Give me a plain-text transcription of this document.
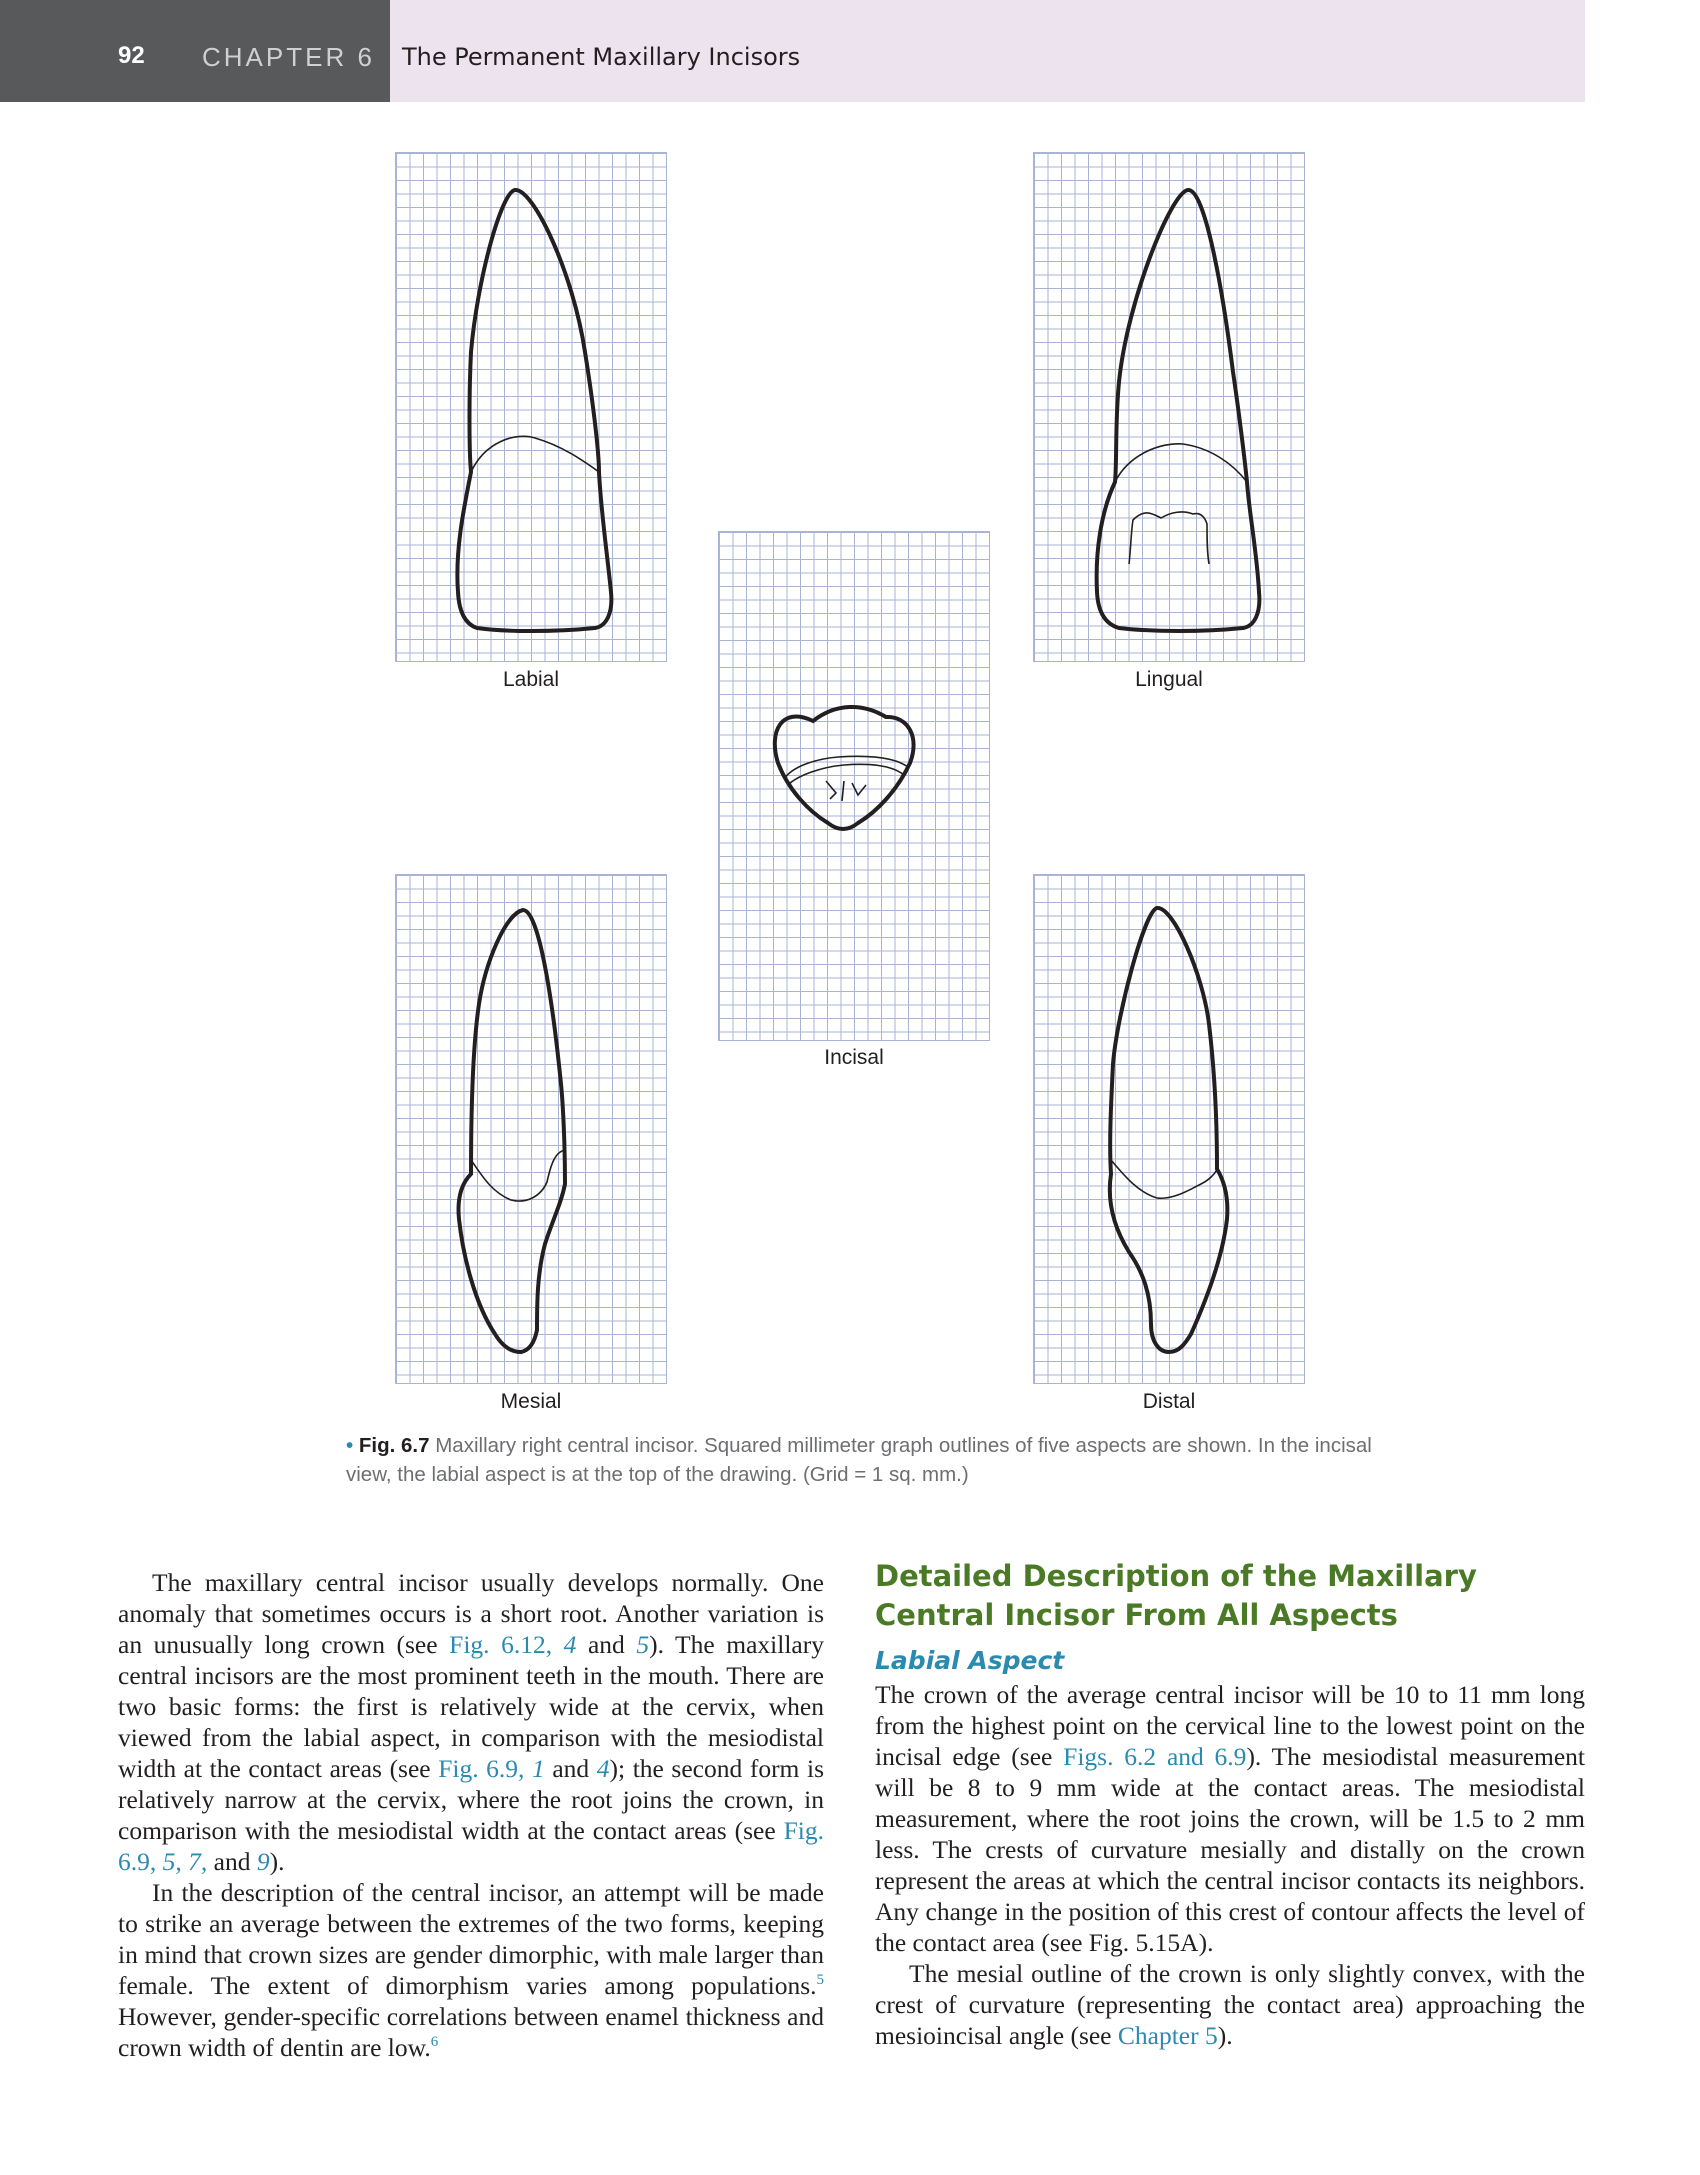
92 CHAPTER 6 The Permanent Maxillary Incisors
Labial	Lingual
Incisal
Mesial	Distal
• Fig. 6.7 Maxillary right central incisor. Squared millimeter graph outlines of five aspects are shown. In the incisal view, the labial aspect is at the top of the drawing. (Grid = 1 sq. mm.)

The maxillary central incisor usually develops normally. One anomaly that sometimes occurs is a short root. Another variation is an unusually long crown (see Fig. 6.12, 4 and 5). The maxillary central incisors are the most prominent teeth in the mouth. There are two basic forms: the first is relatively wide at the cervix, when viewed from the labial aspect, in comparison with the mesiodistal width at the contact areas (see Fig. 6.9, 1 and 4); the second form is relatively narrow at the cervix, where the root joins the crown, in comparison with the mesiodistal width at the contact areas (see Fig. 6.9, 5, 7, and 9).

In the description of the central incisor, an attempt will be made to strike an average between the extremes of the two forms, keeping in mind that crown sizes are gender dimorphic, with male larger than female. The extent of dimorphism varies among populations.$^5$ However, gender-specific correlations between enamel thickness and crown width of dentin are low.$^6$

Detailed Description of the Maxillary Central Incisor From All Aspects
Labial Aspect

The crown of the average central incisor will be 10 to 11 mm long from the highest point on the cervical line to the lowest point on the incisal edge (see Figs. 6.2 and 6.9). The mesiodistal measurement will be 8 to 9 mm wide at the contact areas. The mesiodistal measurement, where the root joins the crown, will be 1.5 to 2 mm less. The crests of curvature mesially and distally on the crown represent the areas at which the central incisor contacts its neighbors. Any change in the position of this crest of contour affects the level of the contact area (see Fig. 5.15A).

The mesial outline of the crown is only slightly convex, with the crest of curvature (representing the contact area) approaching the mesioincisal angle (see Chapter 5).
